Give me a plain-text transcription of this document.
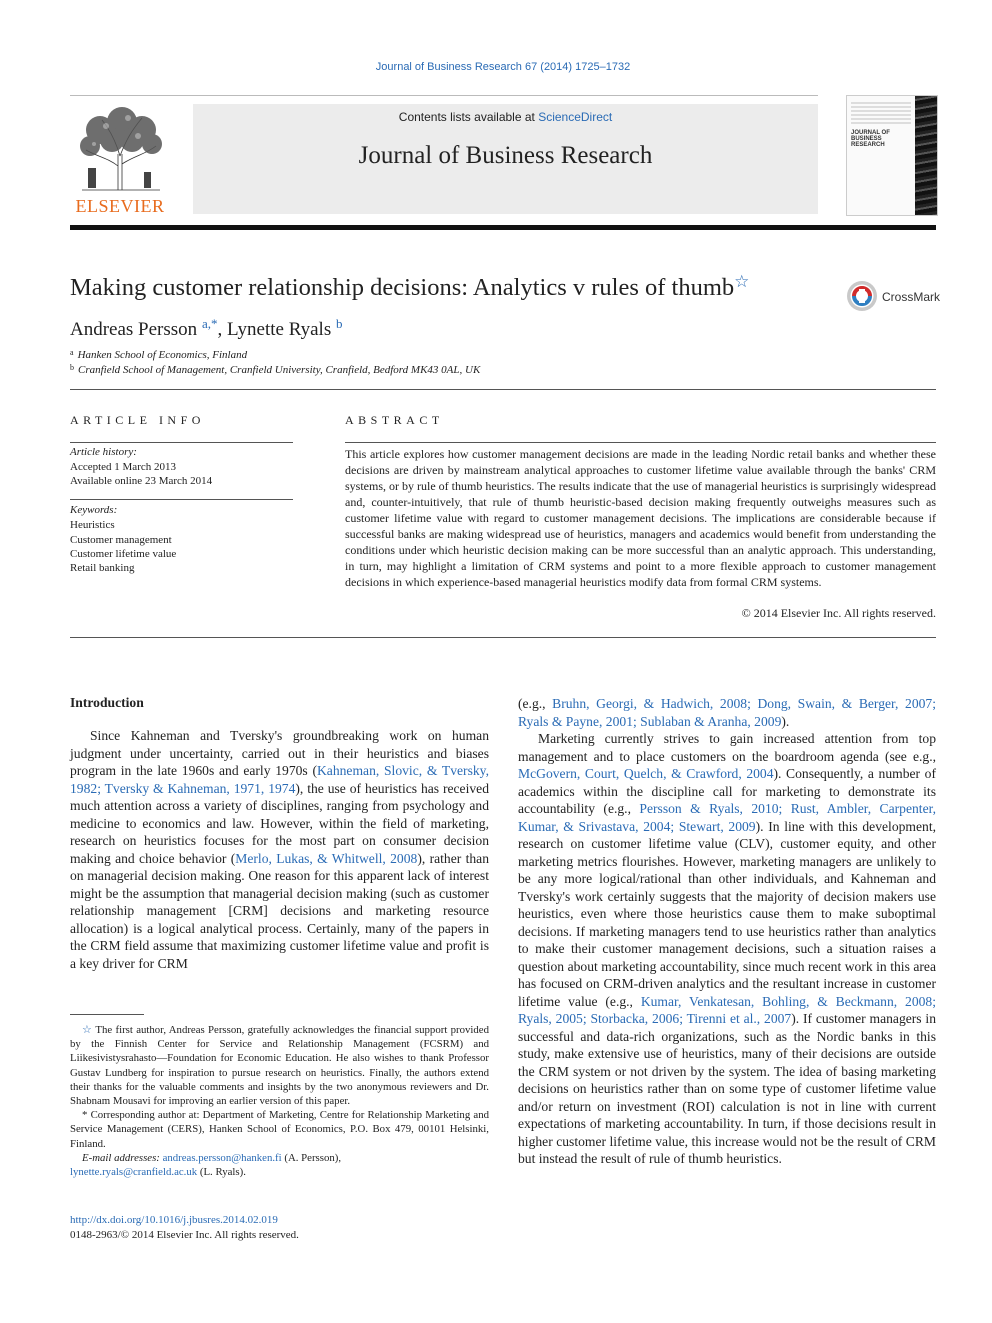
Journal of Business Research 67 (2014) 1725–1732
ELSEVIER
Contents lists available at ScienceDirect
Journal of Business Research
JOURNAL OF BUSINESS RESEARCH
Making customer relationship decisions: Analytics v rules of thumb☆
CrossMark
Andreas Persson $^{a,*}$, Lynette Ryals $^b$
$^a$ Hanken School of Economics, Finland
$^b$ Cranfield School of Management, Cranfield University, Cranfield, Bedford MK43 0AL, UK
ARTICLE INFO
Article history:
Accepted 1 March 2013
Available online 23 March 2014
Keywords:
Heuristics
Customer management
Customer lifetime value
Retail banking
ABSTRACT
This article explores how customer management decisions are made in the leading Nordic retail banks and whether these decisions are driven by mainstream analytical approaches to customer lifetime value available through the banks' CRM systems, or by rule of thumb heuristics. The results indicate that the use of managerial heuristics is surprisingly widespread and, counter-intuitively, that rule of thumb heuristic-based decision making frequently outweighs measures such as customer lifetime value with regard to customer management decisions. The implications are considerable because if successful banks are making widespread use of heuristics, managers and academics would benefit from understanding the conditions under which heuristic decision making can be more successful than an analytic approach. This understanding, in turn, may highlight a limitation of CRM systems and point to a more flexible approach to customer management decisions in which experience-based managerial heuristics modify data from formal CRM systems.
© 2014 Elsevier Inc. All rights reserved.
Introduction

Since Kahneman and Tversky's groundbreaking work on human judgment under uncertainty, carried out in their heuristics and biases program in the late 1960s and early 1970s (Kahneman, Slovic, & Tversky, 1982; Tversky & Kahneman, 1971, 1974), the use of heuristics has received much attention across a variety of disciplines, ranging from psychology and medicine to economics and law. However, within the field of marketing, research on heuristics focuses for the most part on consumer decision making and choice behavior (Merlo, Lukas, & Whitwell, 2008), rather than on managerial decision making. One reason for this apparent lack of interest might be the assumption that managerial decision making (such as customer relationship management [CRM] decisions and marketing resource allocation) is a logical analytical process. Certainly, many of the papers in the CRM field assume that maximizing customer lifetime value and profit is a key driver for CRM

☆ The first author, Andreas Persson, gratefully acknowledges the financial support provided by the Finnish Center for Service and Relationship Management (FCSRM) and Liikesivistysrahasto—Foundation for Economic Education. He also wishes to thank Professor Gustav Lundberg for inspiration to pursue research on heuristics. Finally, the authors extend their thanks for the valuable comments and insights by the two anonymous reviewers and Dr. Shabnam Mousavi for improving an earlier version of this paper.

* Corresponding author at: Department of Marketing, Centre for Relationship Marketing and Service Management (CERS), Hanken School of Economics, P.O. Box 479, 00101 Helsinki, Finland.

E-mail addresses: andreas.persson@hanken.fi (A. Persson),

lynette.ryals@cranfield.ac.uk (L. Ryals).

(e.g., Bruhn, Georgi, & Hadwich, 2008; Dong, Swain, & Berger, 2007; Ryals & Payne, 2001; Sublaban & Aranha, 2009).

Marketing currently strives to gain increased attention from top management and to place customers on the boardroom agenda (see e.g., McGovern, Court, Quelch, & Crawford, 2004). Consequently, a number of academics within the discipline call for marketing to demonstrate its accountability (e.g., Persson & Ryals, 2010; Rust, Ambler, Carpenter, Kumar, & Srivastava, 2004; Stewart, 2009). In line with this development, research on customer lifetime value (CLV), customer equity, and other marketing metrics flourishes. However, marketing managers are unlikely to be any more logical/rational than other individuals, and Kahneman and Tversky's work certainly suggests that the majority of decision makers use heuristics, even where those heuristics cause them to make suboptimal decisions. If marketing managers tend to use heuristics rather than analytics to make their customer management decisions, such a situation raises a question about marketing accountability, since much recent work in this area has focused on CRM-driven analytics and the resultant increase in customer lifetime value (e.g., Kumar, Venkatesan, Bohling, & Beckmann, 2008; Ryals, 2005; Storbacka, 2006; Tirenni et al., 2007). If customer managers in successful and data-rich organizations, such as the Nordic banks in this study, make extensive use of heuristics, many of their decisions are outside the CRM system or not driven by the system. The idea of basing marketing decisions on heuristics rather than on some type of customer lifetime value and/or return on investment (ROI) calculation is not in line with current expectations of marketing accountability. In turn, if those decisions result in higher customer lifetime value, this increase would not be the result of CRM but instead the result of rule of thumb heuristics.

http://dx.doi.org/10.1016/j.jbusres.2014.02.019
0148-2963/© 2014 Elsevier Inc. All rights reserved.
